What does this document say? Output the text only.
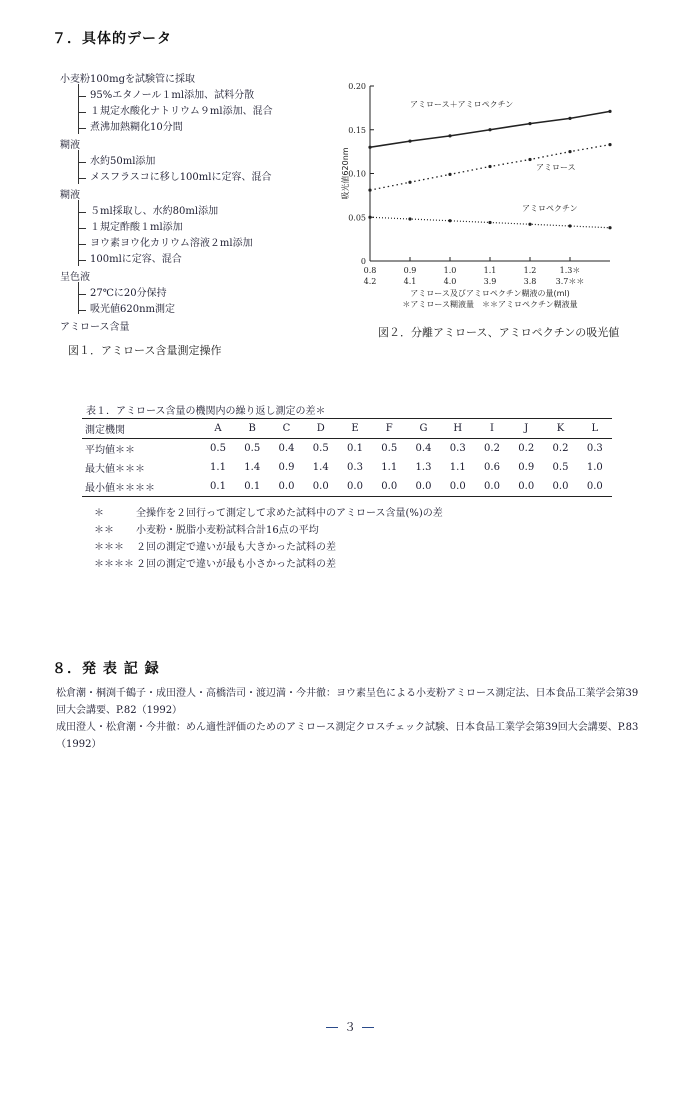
７．具体的データ
小麦粉100mgを試験管に採取
95%エタノール１ml添加、試料分散
１規定水酸化ナトリウム９ml添加、混合
煮沸加熱糊化10分間
糊液
水約50ml添加
メスフラスコに移し100mlに定容、混合
糊液
５ml採取し、水約80ml添加
１規定酢酸１ml添加
ヨウ素ヨウ化カリウム溶液２ml添加
100mlに定容、混合
呈色液
27℃に20分保持
吸光値620nm測定
アミロース含量
図１．アミロース含量測定操作
0
0.05
0.10
0.15
0.20
吸光値620nm
0.8
4.2
0.9
4.1
1.0
4.0
1.1
3.9
1.2
3.8
1.3＊
3.7＊＊
アミロース及びアミロペクチン糊液の量(ml)
＊アミロース糊液量　＊＊アミロペクチン糊液量
アミロース＋アミロペクチン
アミロース
アミロペクチン
図２．分離アミロース、アミロペクチンの吸光値
表１．アミロース含量の機関内の繰り返し測定の差＊
測定機関	A	B	C	D	E	F	G	H	I	J	K	L
平均値＊＊	0.5	0.5	0.4	0.5	0.1	0.5	0.4	0.3	0.2	0.2	0.2	0.3
最大値＊＊＊	1.1	1.4	0.9	1.4	0.3	1.1	1.3	1.1	0.6	0.9	0.5	1.0
最小値＊＊＊＊	0.1	0.1	0.0	0.0	0.0	0.0	0.0	0.0	0.0	0.0	0.0	0.0
＊	全操作を２回行って測定して求めた試料中のアミロース含量(%)の差
＊＊	小麦粉・脱脂小麦粉試料合計16点の平均
＊＊＊	２回の測定で違いが最も大きかった試料の差
＊＊＊＊ ２回の測定で違いが最も小さかった試料の差
８．発 表 記 録
松倉潮・桐渕千鶴子・成田澄人・高橋浩司・渡辺満・今井徹：ヨウ素呈色による小麦粉アミロース測定法、日本食品工業学会第39回大会講要、P.82（1992）
成田澄人・松倉潮・今井徹：めん適性評価のためのアミロース測定クロスチェック試験、日本食品工業学会第39回大会講要、P.83（1992）
３
